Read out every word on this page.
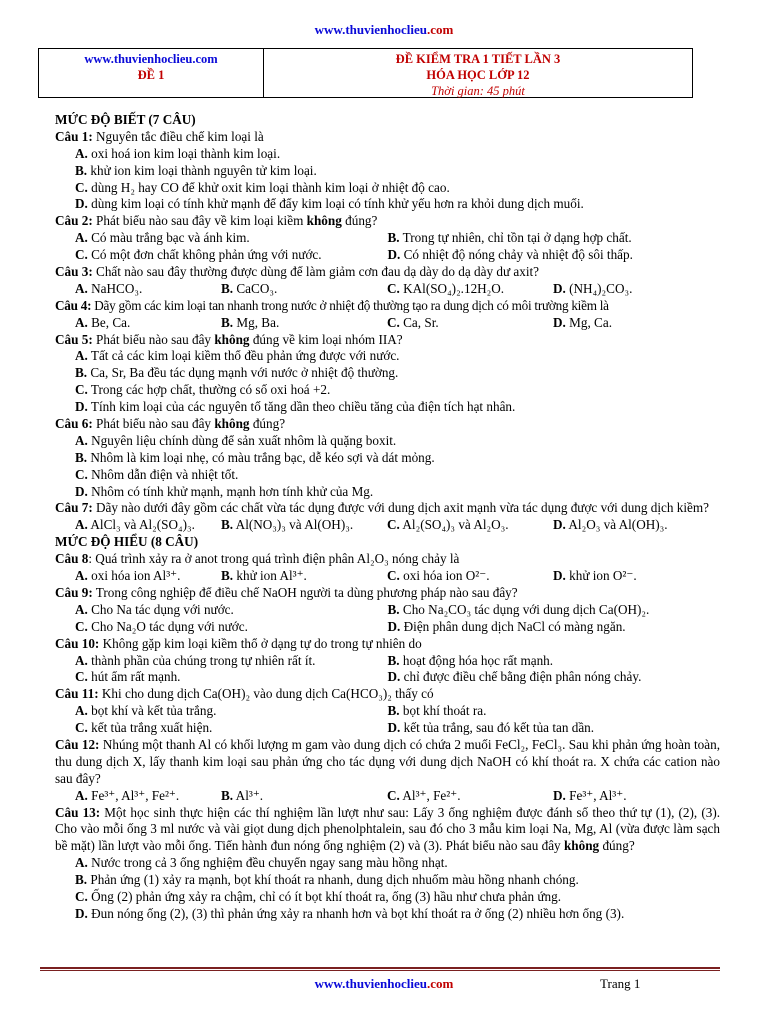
www.thuvienhoclieu.com
www.thuvienhoclieu.com
ĐỀ 1
ĐỀ KIỂM TRA 1 TIẾT LẦN 3
HÓA HỌC LỚP 12
Thời gian: 45 phút
MỨC ĐỘ BIẾT (7 CÂU)
Câu 1: Nguyên tắc điều chế kim loại là
A. oxi hoá ion kim loại thành kim loại.
B. khử ion kim loại thành nguyên tử kim loại.
C. dùng H₂ hay CO để khử oxit kim loại thành kim loại ở nhiệt độ cao.
D. dùng kim loại có tính khử mạnh để đẩy kim loại có tính khử yếu hơn ra khỏi dung dịch muối.
Câu 2: Phát biểu nào sau đây về kim loại kiềm không đúng?
A. Có màu trắng bạc và ánh kim.	B. Trong tự nhiên, chỉ tồn tại ở dạng hợp chất.
C. Có một đơn chất không phản ứng với nước.	D. Có nhiệt độ nóng chảy và nhiệt độ sôi thấp.
Câu 3: Chất nào sau đây thường được dùng để làm giảm cơn đau dạ dày do dạ dày dư axit?
A. NaHCO₃.	B. CaCO₃.	C. KAl(SO₄)₂.12H₂O.	D. (NH₄)₂CO₃.
Câu 4: Dãy gồm các kim loại tan nhanh trong nước ở nhiệt độ thường tạo ra dung dịch có môi trường kiềm là
A. Be, Ca.	B. Mg, Ba.	C. Ca, Sr.	D. Mg, Ca.
Câu 5: Phát biểu nào sau đây không đúng về kim loại nhóm IIA?
A. Tất cả các kim loại kiềm thổ đều phản ứng được với nước.
B. Ca, Sr, Ba đều tác dụng mạnh với nước ở nhiệt độ thường.
C. Trong các hợp chất, thường có số oxi hoá +2.
D. Tính kim loại của các nguyên tố tăng dần theo chiều tăng của điện tích hạt nhân.
Câu 6: Phát biểu nào sau đây không đúng?
A. Nguyên liệu chính dùng để sản xuất nhôm là quặng boxit.
B. Nhôm là kim loại nhẹ, có màu trắng bạc, dễ kéo sợi và dát mỏng.
C. Nhôm dẫn điện và nhiệt tốt.
D. Nhôm có tính khử mạnh, mạnh hơn tính khử của Mg.
Câu 7: Dãy nào dưới đây gồm các chất vừa tác dụng được với dung dịch axit mạnh vừa tác dụng được với dung dịch kiềm?
A. AlCl₃ và Al₂(SO₄)₃.	B. Al(NO₃)₃ và Al(OH)₃.	C. Al₂(SO₄)₃ và Al₂O₃.	D. Al₂O₃ và Al(OH)₃.
MỨC ĐỘ HIỂU (8 CÂU)
Câu 8: Quá trình xảy ra ở anot trong quá trình điện phân Al₂O₃ nóng chảy là
A. oxi hóa ion Al³⁺.	B. khử ion Al³⁺.	C. oxi hóa ion O²⁻.	D. khử ion O²⁻.
Câu 9: Trong công nghiệp để điều chế NaOH người ta dùng phương pháp nào sau đây?
A. Cho Na tác dụng với nước.	B. Cho Na₂CO₃ tác dụng với dung dịch Ca(OH)₂.
C. Cho Na₂O tác dụng với nước.	D. Điện phân dung dịch NaCl có màng ngăn.
Câu 10: Không gặp kim loại kiềm thổ ở dạng tự do trong tự nhiên do
A. thành phần của chúng trong tự nhiên rất ít.	B. hoạt động hóa học rất mạnh.
C. hút ẩm rất mạnh.	D. chỉ được điều chế bằng điện phân nóng chảy.
Câu 11: Khi cho dung dịch Ca(OH)₂ vào dung dịch Ca(HCO₃)₂ thấy có
A. bọt khí và kết tủa trắng.	B. bọt khí thoát ra.
C. kết tủa trắng xuất hiện.	D. kết tủa trắng, sau đó kết tủa tan dần.
Câu 12: Nhúng một thanh Al có khối lượng m gam vào dung dịch có chứa 2 muối FeCl₂, FeCl₃. Sau khi phản ứng hoàn toàn, thu dung dịch X, lấy thanh kim loại sau phản ứng cho tác dụng với dung dịch NaOH có khí thoát ra. X chứa các cation nào sau đây?
A. Fe³⁺, Al³⁺, Fe²⁺.	B. Al³⁺.	C. Al³⁺, Fe²⁺.	D. Fe³⁺, Al³⁺.
Câu 13: Một học sinh thực hiện các thí nghiệm lần lượt như sau: Lấy 3 ống nghiệm được đánh số theo thứ tự (1), (2), (3). Cho vào mỗi ống 3 ml nước và vài giọt dung dịch phenolphtalein, sau đó cho 3 mẫu kim loại Na, Mg, Al (vừa được làm sạch bề mặt) lần lượt vào mỗi ống. Tiến hành đun nóng ống nghiệm (2) và (3). Phát biểu nào sau đây không đúng?
A. Nước trong cả 3 ống nghiệm đều chuyển ngay sang màu hồng nhạt.
B. Phản ứng (1) xảy ra mạnh, bọt khí thoát ra nhanh, dung dịch nhuốm màu hồng nhanh chóng.
C. Ống (2) phản ứng xảy ra chậm, chỉ có ít bọt khí thoát ra, ống (3) hầu như chưa phản ứng.
D. Đun nóng ống (2), (3) thì phản ứng xảy ra nhanh hơn và bọt khí thoát ra ở ống (2) nhiều hơn ống (3).
www.thuvienhoclieu.com	Trang 1
